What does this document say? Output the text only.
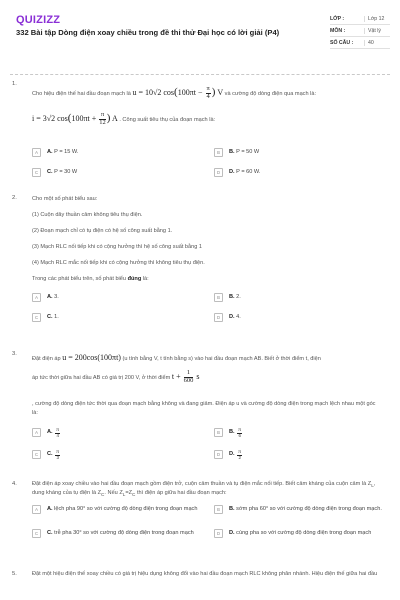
QUIZIZZ
332 Bài tập Dòng điện xoay chiều trong đề thi thử Đại học có lời giải (P4)
LỚP :	Lớp 12
MÔN :	Vật lý
SỐ CÂU :	40
1.
Cho hiệu điện thế hai đầu đoạn mạch là u = 10√2 $\cos(100\pi t - \frac{\pi}{4}$ ) V và cường độ dòng điện qua mạch là:
i = 3√2 $\cos(100\pi t + \frac{\pi}{12}$ ) A . Công suất tiêu thụ của đoạn mạch là:
A	A.
P = 15 W.	B	B.
P = 50 W
C	C.
P = 30 W	D	D.
P = 60 W.
2.	Cho một số phát biểu sau:
(1) Cuộn dây thuần cảm không tiêu thụ điện.
(2) Đoạn mạch chỉ có tụ điện có hệ số công suất bằng 1.
(3) Mạch RLC nối tiếp khi có cộng hưởng thì hệ số công suất bằng 1
(4) Mạch RLC mắc nối tiếp khi có cộng hưởng thì không tiêu thụ điện.
Trong các phát biểu trên, số phát biểu đúng là:
A	A.
3.	B	B.
2.
C	C.
1.	D	D.
4.
3.
Đặt điện áp u = 200cos(100πt) (u tính bằng V, t tính bằng s) vào hai đầu đoạn mạch AB. Biết ở thời điểm t, điện
áp tức thời giữa hai đầu AB có giá trị 200 V, ở thời điểm $t + \frac{1}{600}$ s
, cường độ dòng điện tức thời qua đoạn mạch bằng không và đang giảm. Điện áp u và cường độ dòng điện trong mạch lệch nhau một góc là:
A	A.
$\frac{\pi}{4}$	B	B.
$\frac{\pi}{6}$
C	C.
$\frac{\pi}{3}$	D	D.
$\frac{\pi}{2}$
4.	Đặt điện áp xoay chiều vào hai đầu đoạn mạch gồm điện trở, cuộn cảm thuần và tụ điện mắc nối tiếp. Biết cảm kháng của cuộn cảm là $Z_L$, dung kháng của tụ điện là $Z_C$. Nếu $Z_L=Z_C$ thì điện áp giữa hai đầu đoạn mạch:
A	A. lệch pha 90° so với cường độ dòng điện trong đoạn mạch	B	B. sớm pha 60° so với cường độ dòng điện trong đoạn mạch.
C	C. trễ pha 30° so với cường độ dòng điện trong đoạn mạch	D	D. cùng pha so với cường độ dòng điện trong đoạn mạch
5.	Đặt một hiệu điện thế xoay chiều có giá trị hiệu dụng không đổi vào hai đầu đoạn mạch RLC không phân nhánh. Hiệu điện thế giữa hai đầu
